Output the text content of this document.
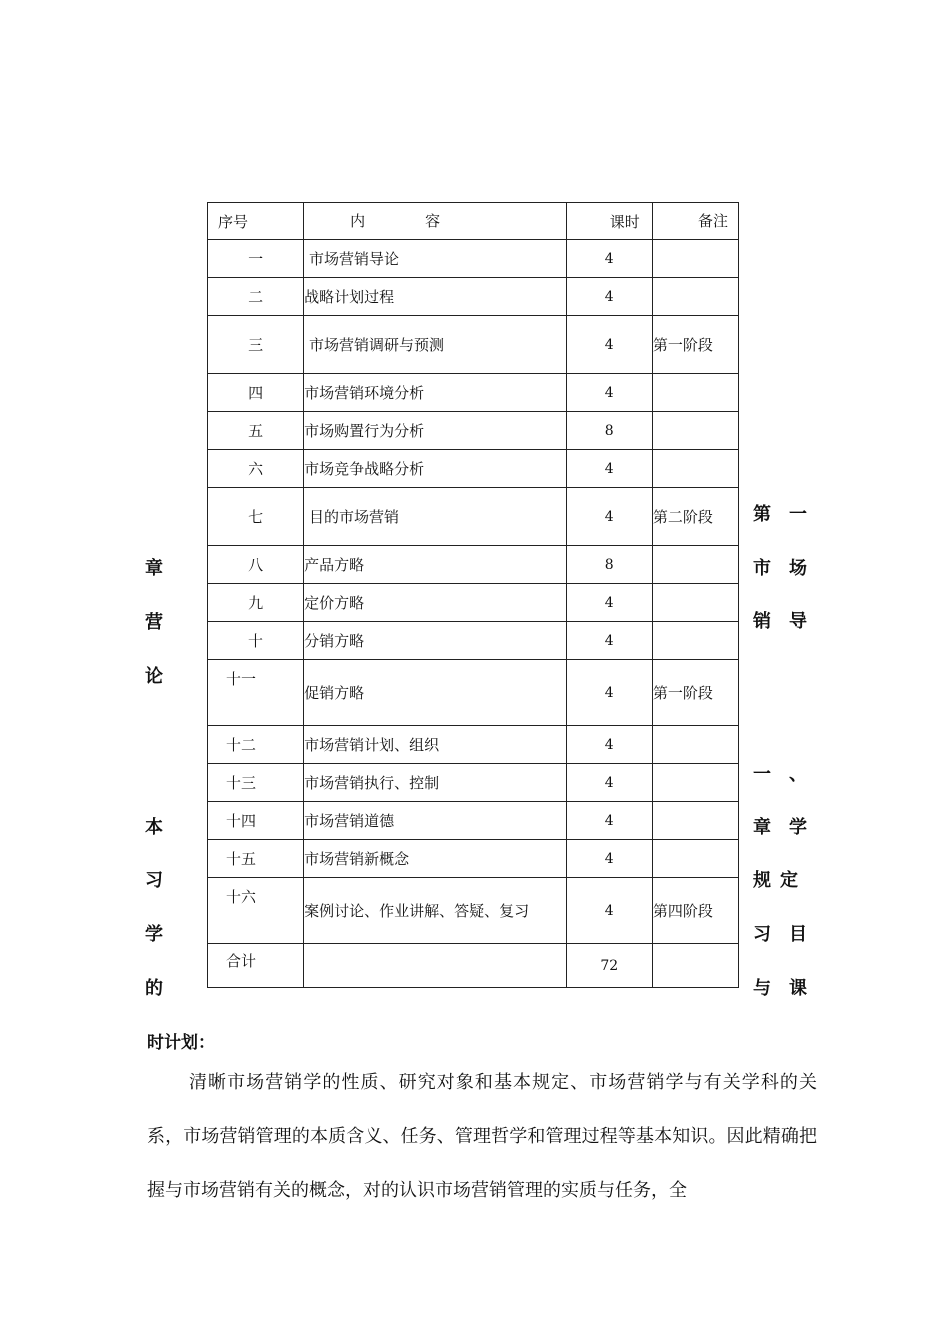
序号	内　　　　容	课时	备注
一	市场营销导论	4	
二	战略计划过程	4	
三	市场营销调研与预测	4	第一阶段
四	市场营销环境分析	4	
五	市场购置行为分析	8	
六	市场竞争战略分析	4	
七	目的市场营销	4	第二阶段
八	产品方略	8	
九	定价方略	4	
十	分销方略	4	
十一	促销方略	4	第一阶段
十二	市场营销计划、组织	4	
十三	市场营销执行、控制	4	
十四	市场营销道德	4	
十五	市场营销新概念	4	
十六	案例讨论、作业讲解、答疑、复习	4	第四阶段
合计		72	
第 一
市 场
销 导
一 、
章 学
规 定
习 目
与 课
章
营
论
本
习
学
的
时计划：
清晰市场营销学的性质、研究对象和基本规定、市场营销学与有关学科的关系，市场营销管理的本质含义、任务、管理哲学和管理过程等基本知识。因此精确把握与市场营销有关的概念，对的认识市场营销管理的实质与任务，全
